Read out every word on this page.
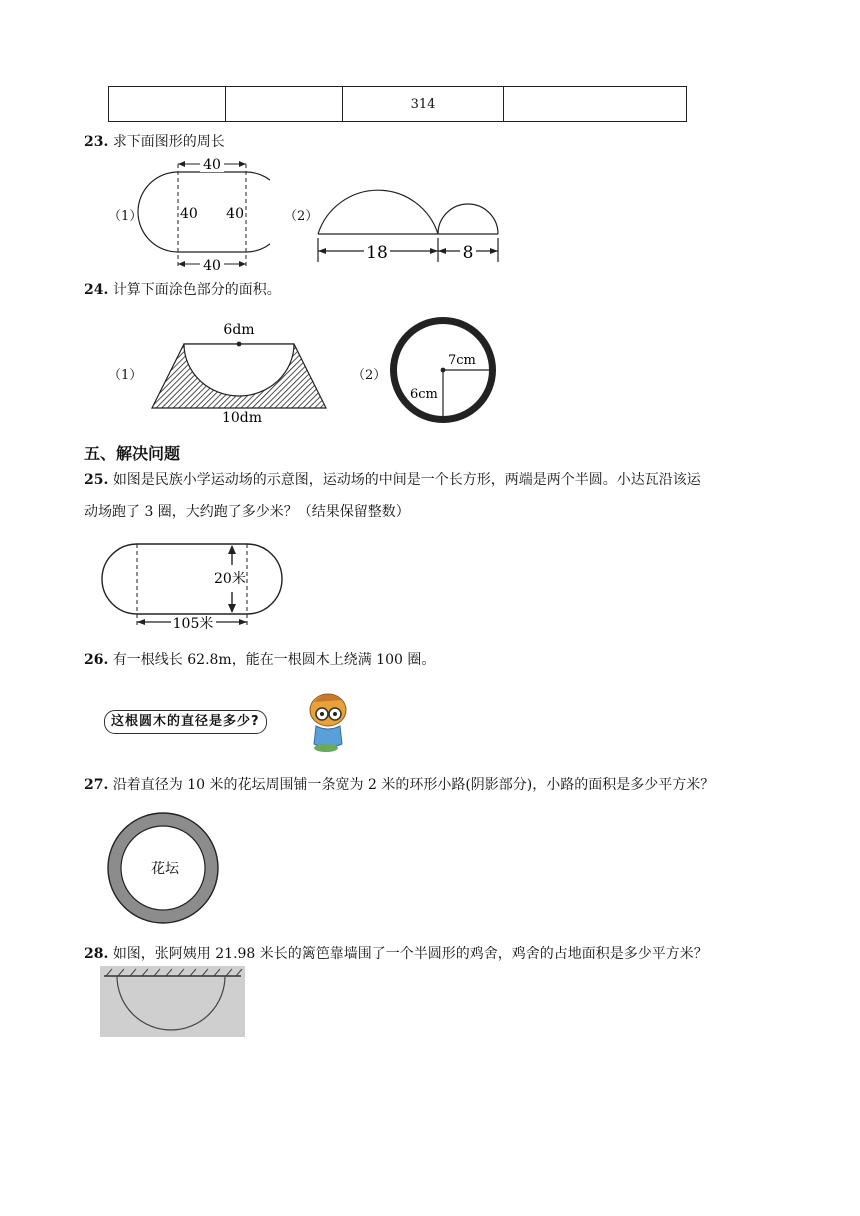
		314	
23. 求下面图形的周长
（1）	（2）
40
40
40 40
18	8
24. 计算下面涂色部分的面积。
（1）	（2）
6dm
10dm
7cm
6cm
五、解决问题
25. 如图是民族小学运动场的示意图，运动场的中间是一个长方形，两端是两个半圆。小达瓦沿该运
动场跑了 3 圈，大约跑了多少米？（结果保留整数）
20米
105米
26. 有一根线长 62.8m，能在一根圆木上绕满 100 圈。
这根圆木的直径是多少?
27. 沿着直径为 10 米的花坛周围铺一条宽为 2 米的环形小路(阴影部分)，小路的面积是多少平方米？
花坛
28. 如图，张阿姨用 21.98 米长的篱笆靠墙围了一个半圆形的鸡舍，鸡舍的占地面积是多少平方米？
